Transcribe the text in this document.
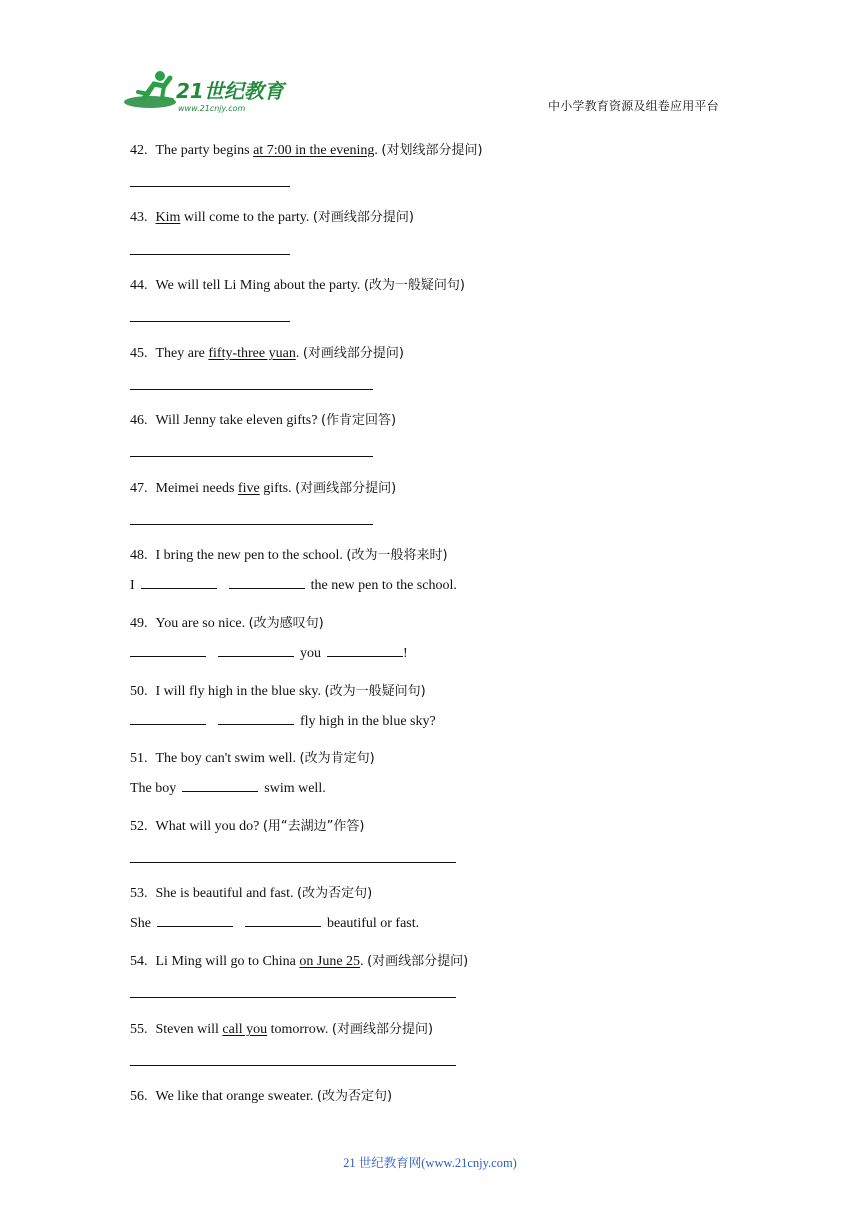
21世纪教育
www.21cnjy.com	中小学教育资源及组卷应用平台
42. The party begins at 7:00 in the evening. (对划线部分提问)
43. Kim will come to the party. (对画线部分提问)
44. We will tell Li Ming about the party. (改为一般疑问句)
45. They are fifty-three yuan. (对画线部分提问)
46. Will Jenny take eleven gifts? (作肯定回答)
47. Meimei needs five gifts. (对画线部分提问)
48. I bring the new pen to the school. (改为一般将来时)
I	the new pen to the school.
49. You are so nice. (改为感叹句)
you	!
50. I will fly high in the blue sky. (改为一般疑问句)
fly high in the blue sky?
51. The boy can't swim well. (改为肯定句)
The boy	swim well.
52. What will you do? (用“去湖边”作答)
53. She is beautiful and fast. (改为否定句)
She	beautiful or fast.
54. Li Ming will go to China on June 25. (对画线部分提问)
55. Steven will call you tomorrow. (对画线部分提问)
56. We like that orange sweater. (改为否定句)
21 世纪教育网(www.21cnjy.com)
